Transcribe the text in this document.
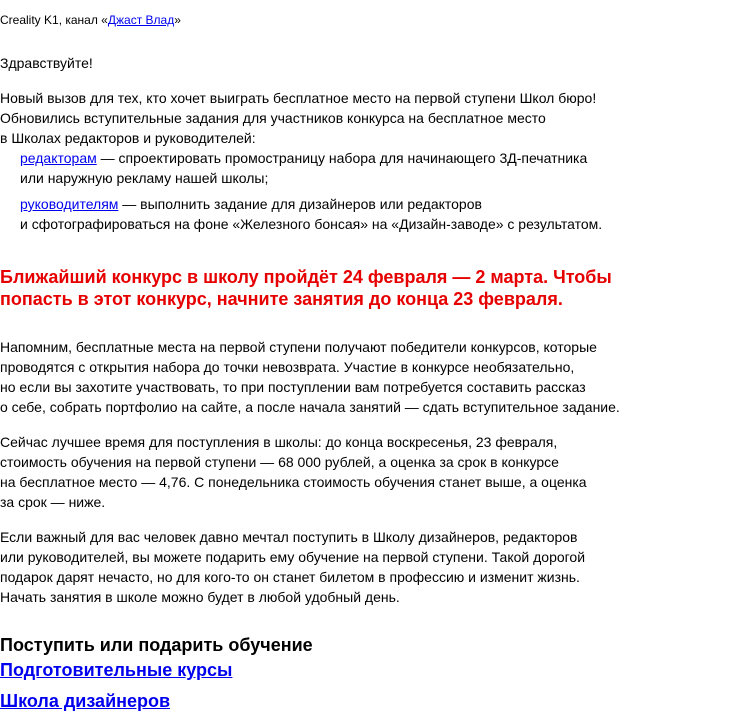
Creality K1, канал «Джаст Влад»
Здравствуйте!
Новый вызов для тех, кто хочет выиграть бесплатное место на первой ступени Школ бюро!
Обновились вступительные задания для участников конкурса на бесплатное место
в Школах редакторов и руководителей:
редакторам — спроектировать промостраницу набора для начинающего 3Д-печатника
или наружную рекламу нашей школы;
руководителям — выполнить задание для дизайнеров или редакторов
и сфотографироваться на фоне «Железного бонсая» на «Дизайн-заводе» с результатом.
Ближайший конкурс в школу пройдёт 24 февраля — 2 марта. Чтобы
попасть в этот конкурс, начните занятия до конца 23 февраля.
Напомним, бесплатные места на первой ступени получают победители конкурсов, которые
проводятся с открытия набора до точки невозврата. Участие в конкурсе необязательно,
но если вы захотите участвовать, то при поступлении вам потребуется составить рассказ
о себе, собрать портфолио на сайте, а после начала занятий — сдать вступительное задание.
Сейчас лучшее время для поступления в школы: до конца воскресенья, 23 февраля,
стоимость обучения на первой ступени — 68 000 рублей, а оценка за срок в конкурсе
на бесплатное место — 4,76. С понедельника стоимость обучения станет выше, а оценка
за срок — ниже.
Если важный для вас человек давно мечтал поступить в Школу дизайнеров, редакторов
или руководителей, вы можете подарить ему обучение на первой ступени. Такой дорогой
подарок дарят нечасто, но для кого-то он станет билетом в профессию и изменит жизнь.
Начать занятия в школе можно будет в любой удобный день.
Поступить или подарить обучение
Подготовительные курсы
Школа дизайнеров
